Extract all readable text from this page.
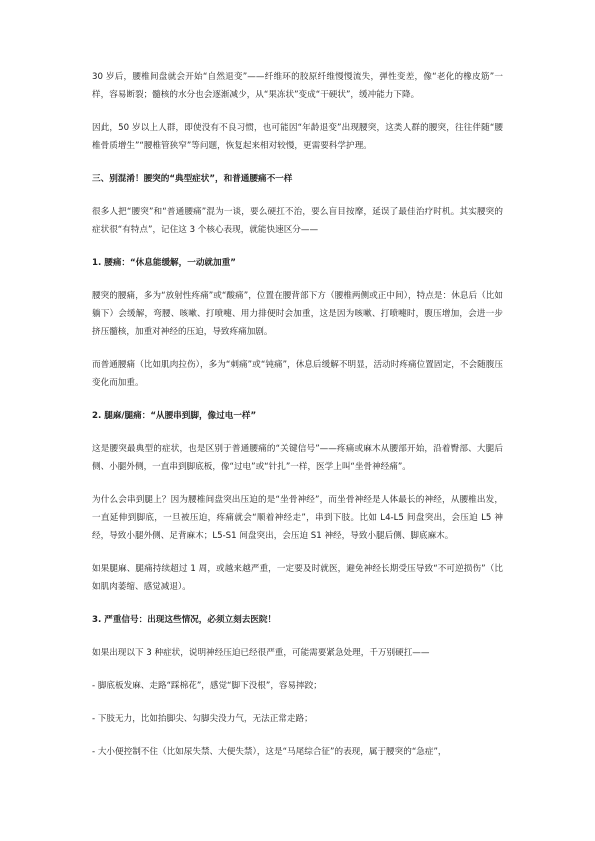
30 岁后，腰椎间盘就会开始“自然退变”——纤维环的胶原纤维慢慢流失，弹性变差，像“老化的橡皮筋”一样，容易断裂；髓核的水分也会逐渐减少，从“果冻状”变成“干硬状”，缓冲能力下降。

因此，50 岁以上人群，即使没有不良习惯，也可能因“年龄退变”出现腰突，这类人群的腰突，往往伴随“腰椎骨质增生”“腰椎管狭窄”等问题，恢复起来相对较慢，更需要科学护理。

三、别混淆！腰突的“典型症状”，和普通腰痛不一样

很多人把“腰突”和“普通腰痛”混为一谈，要么硬扛不治，要么盲目按摩，延误了最佳治疗时机。其实腰突的症状很“有特点”，记住这 3 个核心表现，就能快速区分——

1. 腰痛：“休息能缓解，一动就加重”

腰突的腰痛，多为“放射性疼痛”或“酸痛”，位置在腰背部下方（腰椎两侧或正中间），特点是：休息后（比如躺下）会缓解，弯腰、咳嗽、打喷嚏、用力排便时会加重，这是因为咳嗽、打喷嚏时，腹压增加，会进一步挤压髓核，加重对神经的压迫，导致疼痛加剧。

而普通腰痛（比如肌肉拉伤），多为“刺痛”或“钝痛”，休息后缓解不明显，活动时疼痛位置固定，不会随腹压变化而加重。

2. 腿麻/腿痛：“从腰串到脚，像过电一样”

这是腰突最典型的症状，也是区别于普通腰痛的“关键信号”——疼痛或麻木从腰部开始，沿着臀部、大腿后侧、小腿外侧，一直串到脚底板，像“过电”或“针扎”一样，医学上叫“坐骨神经痛”。

为什么会串到腿上？因为腰椎间盘突出压迫的是“坐骨神经”，而坐骨神经是人体最长的神经，从腰椎出发，一直延伸到脚底，一旦被压迫，疼痛就会“顺着神经走”，串到下肢。比如 L4-L5 间盘突出，会压迫 L5 神经，导致小腿外侧、足背麻木；L5-S1 间盘突出，会压迫 S1 神经，导致小腿后侧、脚底麻木。

如果腿麻、腿痛持续超过 1 周，或越来越严重，一定要及时就医，避免神经长期受压导致“不可逆损伤”（比如肌肉萎缩、感觉减退）。

3. 严重信号：出现这些情况，必须立刻去医院！

如果出现以下 3 种症状，说明神经压迫已经很严重，可能需要紧急处理，千万别硬扛——

- 脚底板发麻、走路“踩棉花”，感觉“脚下没根”，容易摔跤；

- 下肢无力，比如抬脚尖、勾脚尖没力气，无法正常走路；

- 大小便控制不住（比如尿失禁、大便失禁），这是“马尾综合征”的表现，属于腰突的“急症”，
